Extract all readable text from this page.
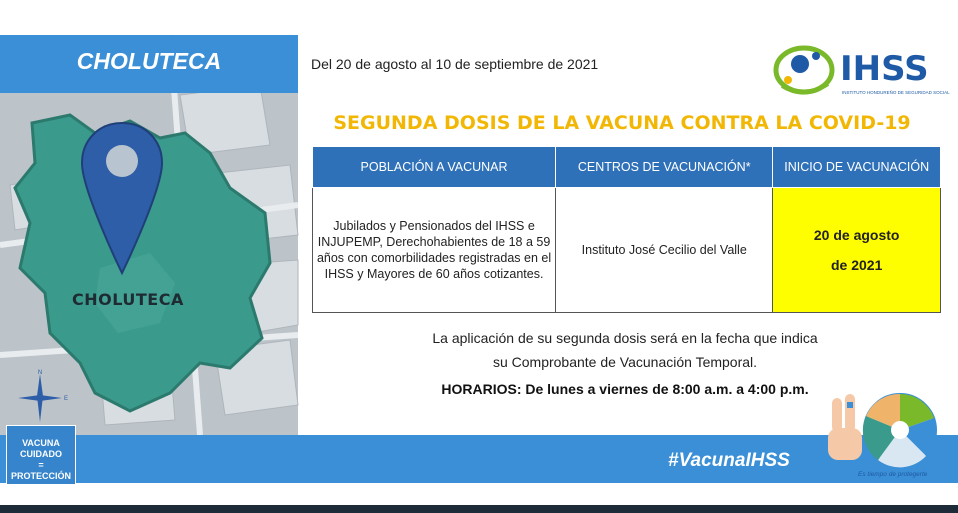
CHOLUTECA
CHOLUTECA
N
E
Del 20 de agosto al 10 de septiembre de 2021	IHSS
INSTITUTO HONDUREÑO DE SEGURIDAD SOCIAL
SEGUNDA DOSIS DE LA VACUNA CONTRA LA COVID-19
POBLACIÓN A VACUNAR	CENTROS DE VACUNACIÓN*	INICIO DE VACUNACIÓN
Jubilados y Pensionados del IHSS e INJUPEMP, Derechohabientes de 18 a 59 años con comorbilidades registradas en el IHSS y Mayores de 60 años cotizantes.	Instituto José Cecilio del Valle	20 de agosto
de 2021
La aplicación de su segunda dosis será en la fecha que indica
su Comprobante de Vacunación Temporal.
HORARIOS: De lunes a viernes de 8:00 a.m. a 4:00 p.m.
VACUNA
CUIDADO
=
PROTECCIÓN
#VacunaIHSS
Es tiempo de protegerte
